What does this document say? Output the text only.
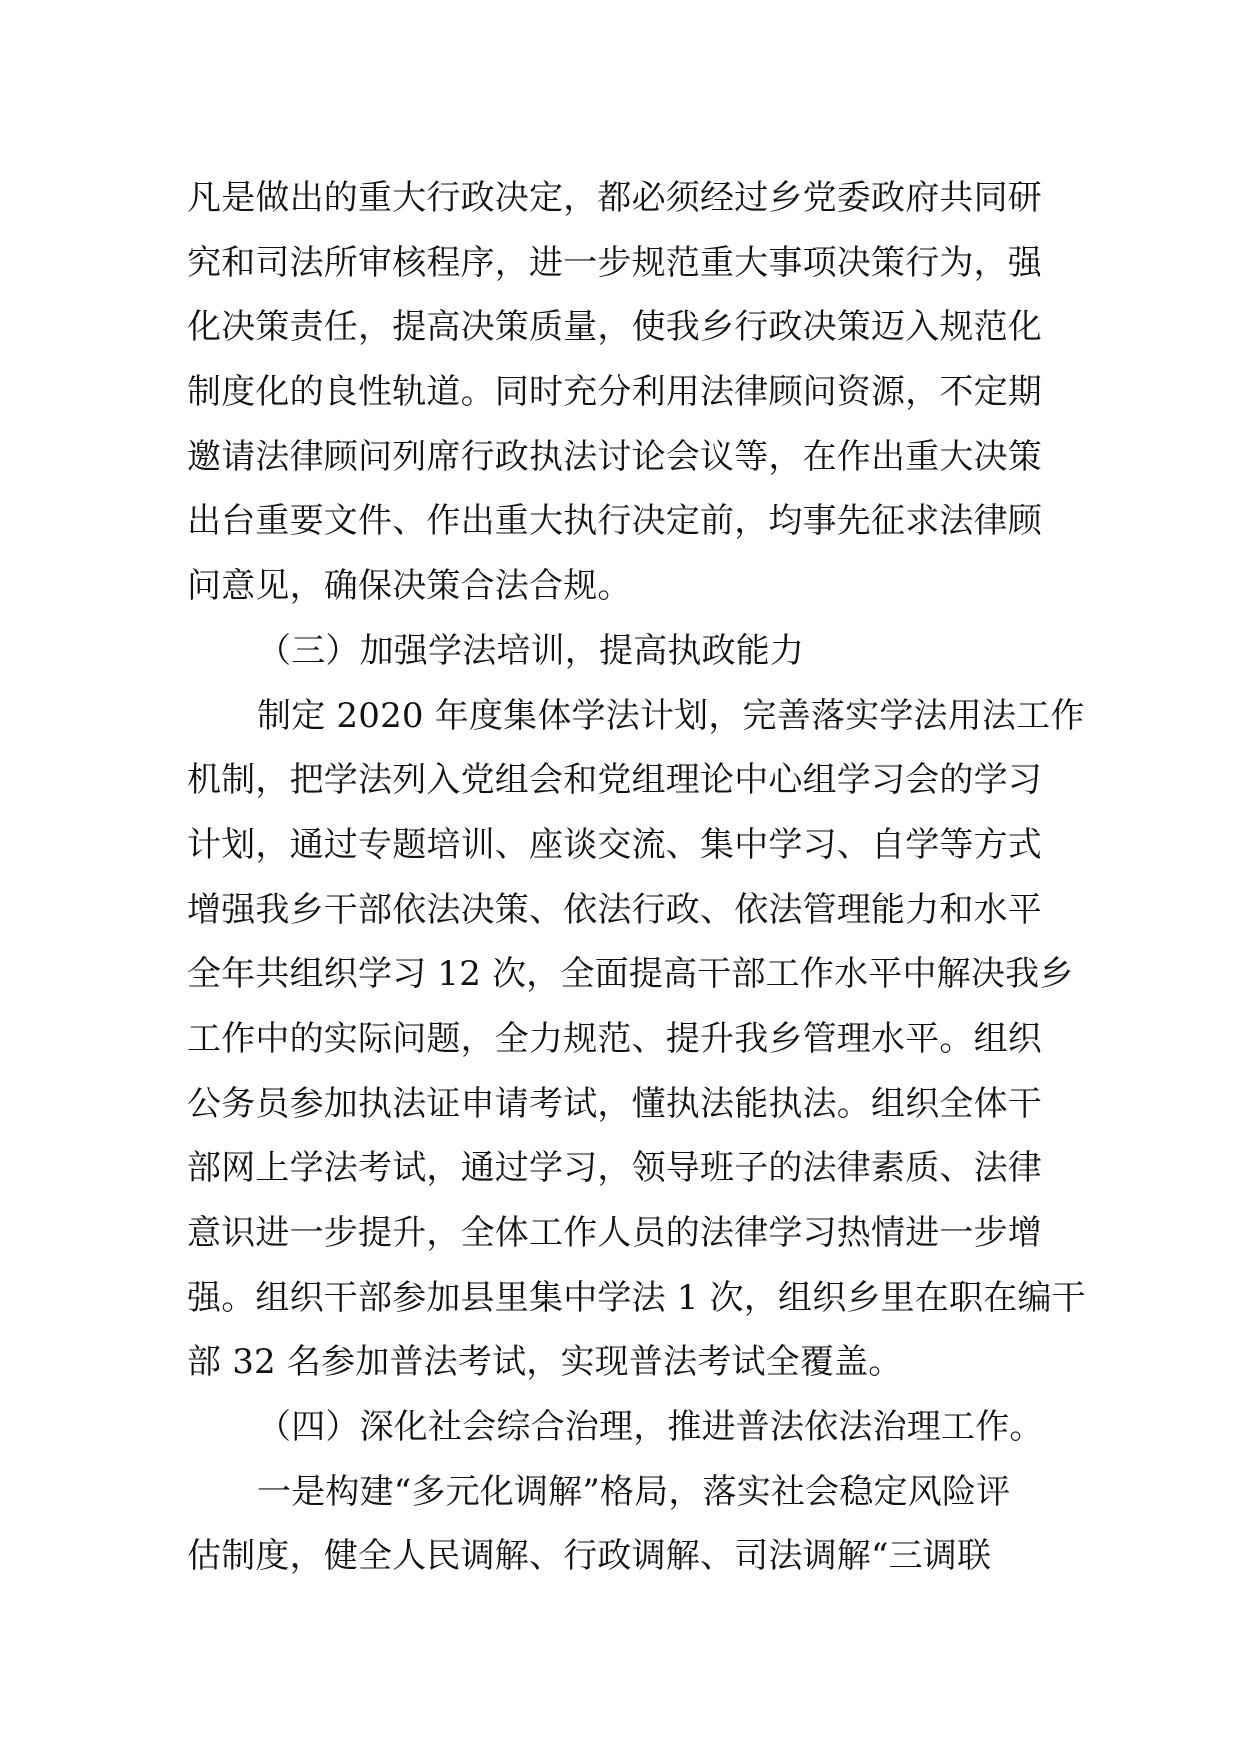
凡是做出的重大行政决定，都必须经过乡党委政府共同研
究和司法所审核程序，进一步规范重大事项决策行为，强
化决策责任，提高决策质量，使我乡行政决策迈入规范化
制度化的良性轨道。同时充分利用法律顾问资源，不定期
邀请法律顾问列席行政执法讨论会议等，在作出重大决策
出台重要文件、作出重大执行决定前，均事先征求法律顾
问意见，确保决策合法合规。
（三）加强学法培训，提高执政能力
制定 2020 年度集体学法计划，完善落实学法用法工作
机制，把学法列入党组会和党组理论中心组学习会的学习
计划，通过专题培训、座谈交流、集中学习、自学等方式
增强我乡干部依法决策、依法行政、依法管理能力和水平
全年共组织学习 12 次，全面提高干部工作水平中解决我乡
工作中的实际问题，全力规范、提升我乡管理水平。组织
公务员参加执法证申请考试，懂执法能执法。组织全体干
部网上学法考试，通过学习，领导班子的法律素质、法律
意识进一步提升，全体工作人员的法律学习热情进一步增
强。组织干部参加县里集中学法 1 次，组织乡里在职在编干
部 32 名参加普法考试，实现普法考试全覆盖。
（四）深化社会综合治理，推进普法依法治理工作。
一是构建“多元化调解”格局，落实社会稳定风险评
估制度，健全人民调解、行政调解、司法调解“三调联
